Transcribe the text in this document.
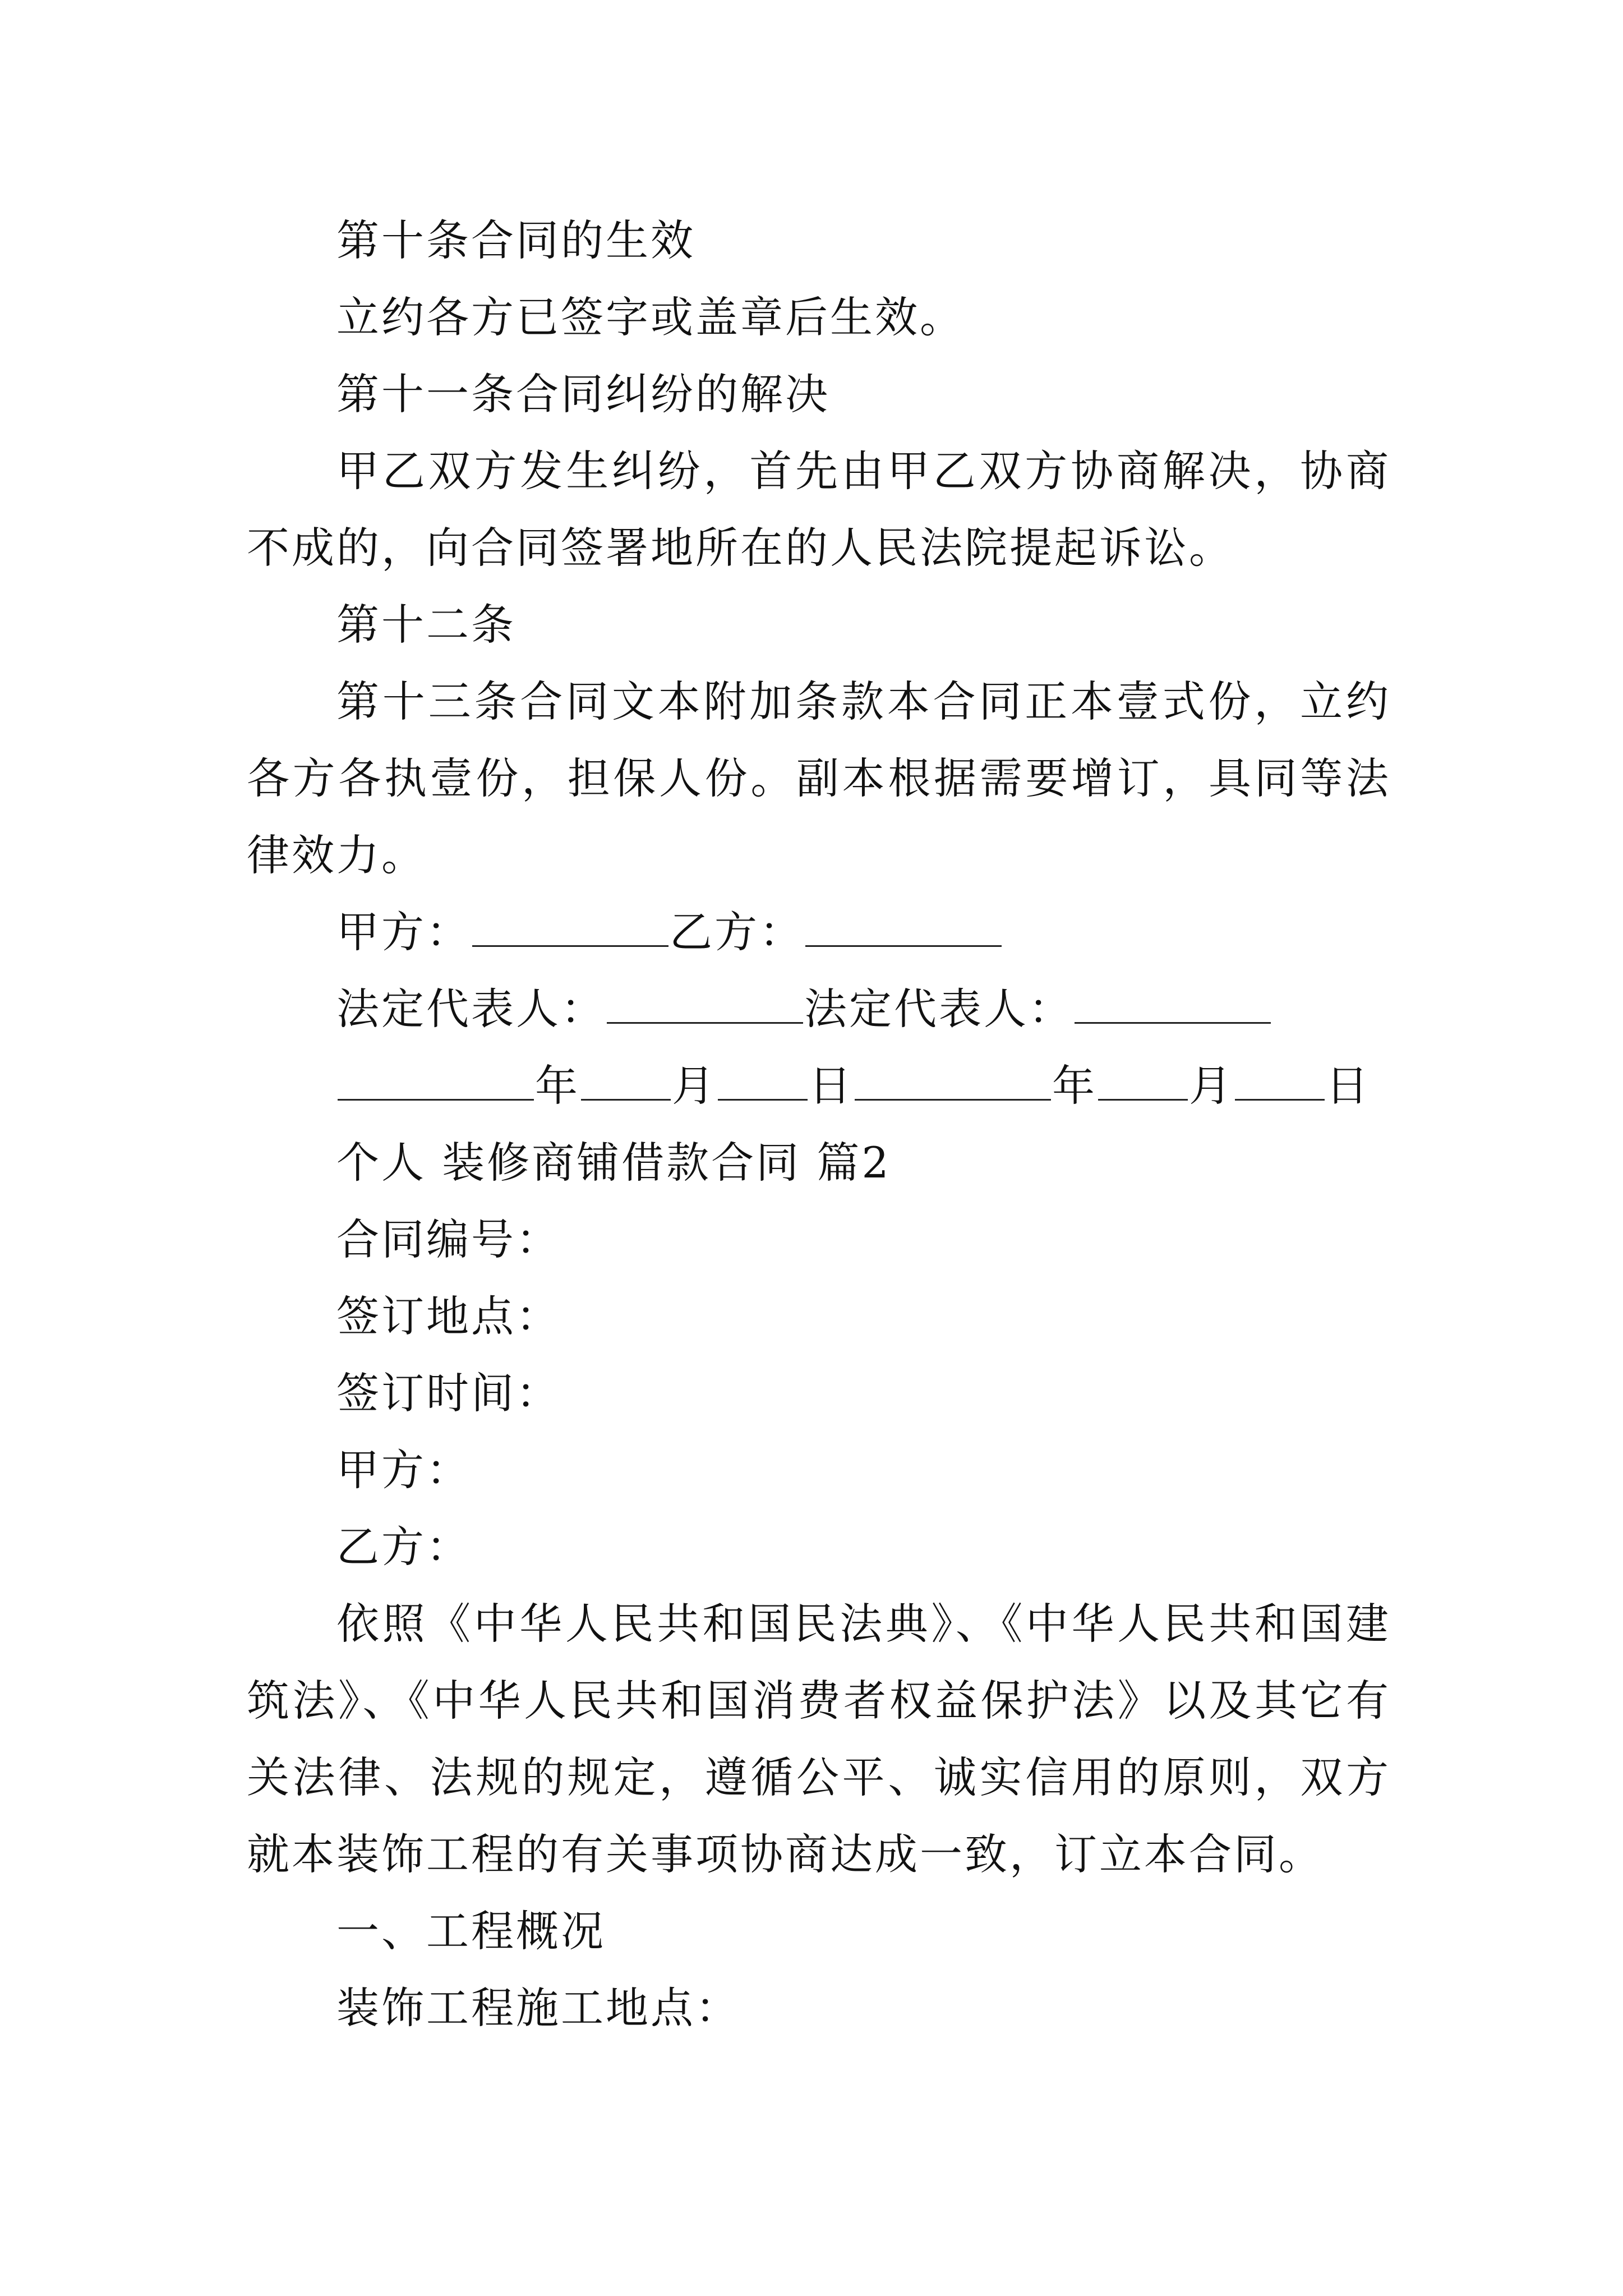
第十条合同的生效
立约各方已签字或盖章后生效。
第十一条合同纠纷的解决
甲乙双方发生纠纷，首先由甲乙双方协商解决，协商不成的，向合同签署地所在的人民法院提起诉讼。
第十二条
第十三条合同文本附加条款本合同正本壹式份，立约各方各执壹份，担保人份。副本根据需要增订，具同等法律效力。
甲方：	乙方：
法定代表人：	法定代表人：
年 月 日	年 月 日
个人 装修商铺借款合同 篇2
合同编号：
签订地点：
签订时间：
甲方：
乙方：
依照《中华人民共和国民法典》、《中华人民共和国建筑法》、《中华人民共和国消费者权益保护法》以及其它有关法律、法规的规定，遵循公平、诚实信用的原则，双方就本装饰工程的有关事项协商达成一致，订立本合同。
一、工程概况
装饰工程施工地点：
